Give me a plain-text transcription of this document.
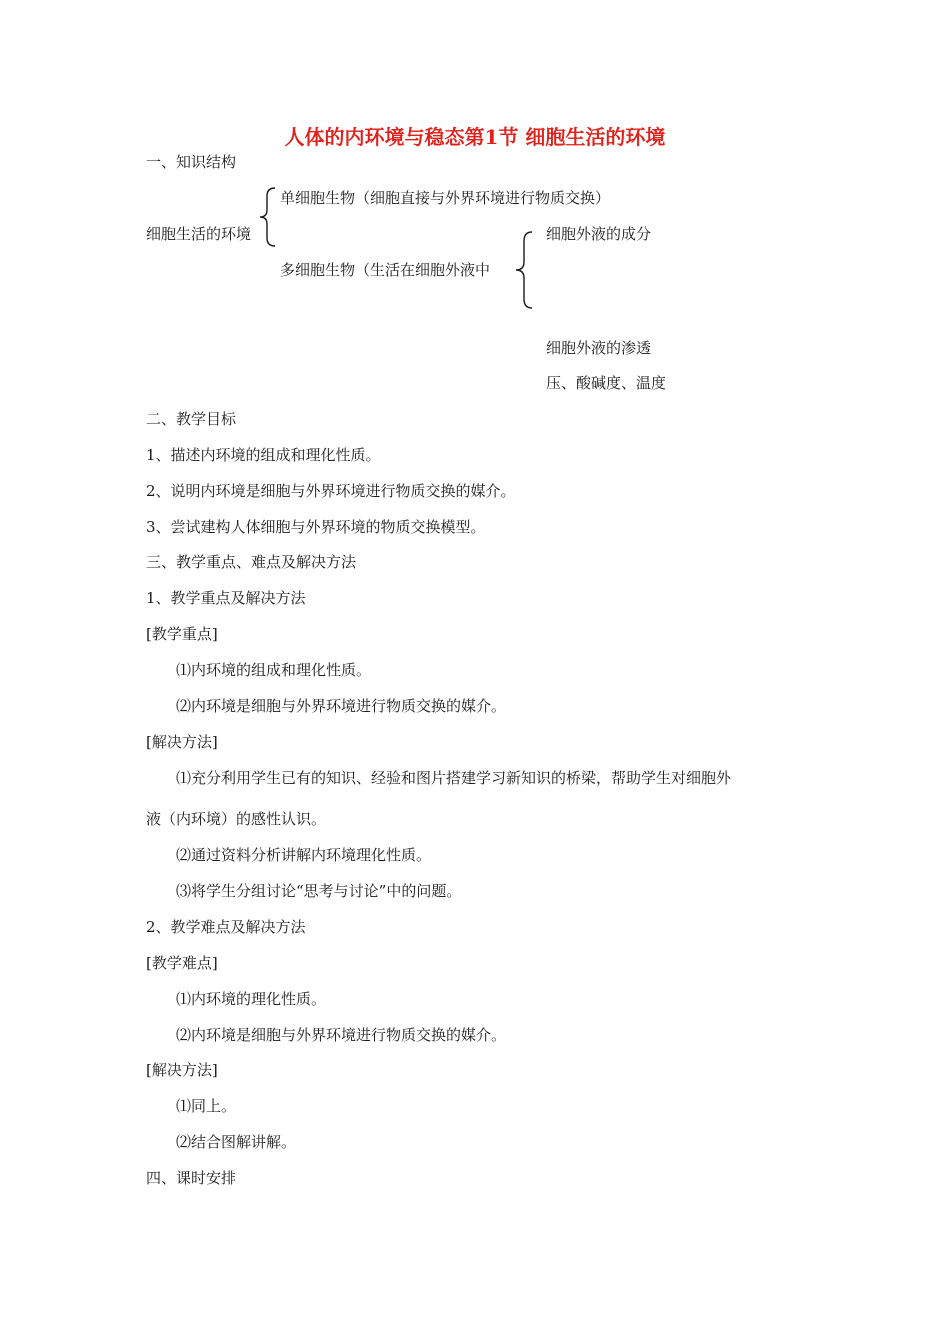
人体的内环境与稳态第1节 细胞生活的环境
一、知识结构
细胞生活的环境
单细胞生物（细胞直接与外界环境进行物质交换）
多细胞生物（生活在细胞外液中
细胞外液的成分
细胞外液的渗透
压、酸碱度、温度
二、教学目标
1、描述内环境的组成和理化性质。
2、说明内环境是细胞与外界环境进行物质交换的媒介。
3、尝试建构人体细胞与外界环境的物质交换模型。
三、教学重点、难点及解决方法
1、教学重点及解决方法
[教学重点]
⑴内环境的组成和理化性质。
⑵内环境是细胞与外界环境进行物质交换的媒介。
[解决方法]
⑴充分利用学生已有的知识、经验和图片搭建学习新知识的桥梁，帮助学生对细胞外
液（内环境）的感性认识。
⑵通过资料分析讲解内环境理化性质。
⑶将学生分组讨论“思考与讨论”中的问题。
2、教学难点及解决方法
[教学难点]
⑴内环境的理化性质。
⑵内环境是细胞与外界环境进行物质交换的媒介。
[解决方法]
⑴同上。
⑵结合图解讲解。
四、课时安排
